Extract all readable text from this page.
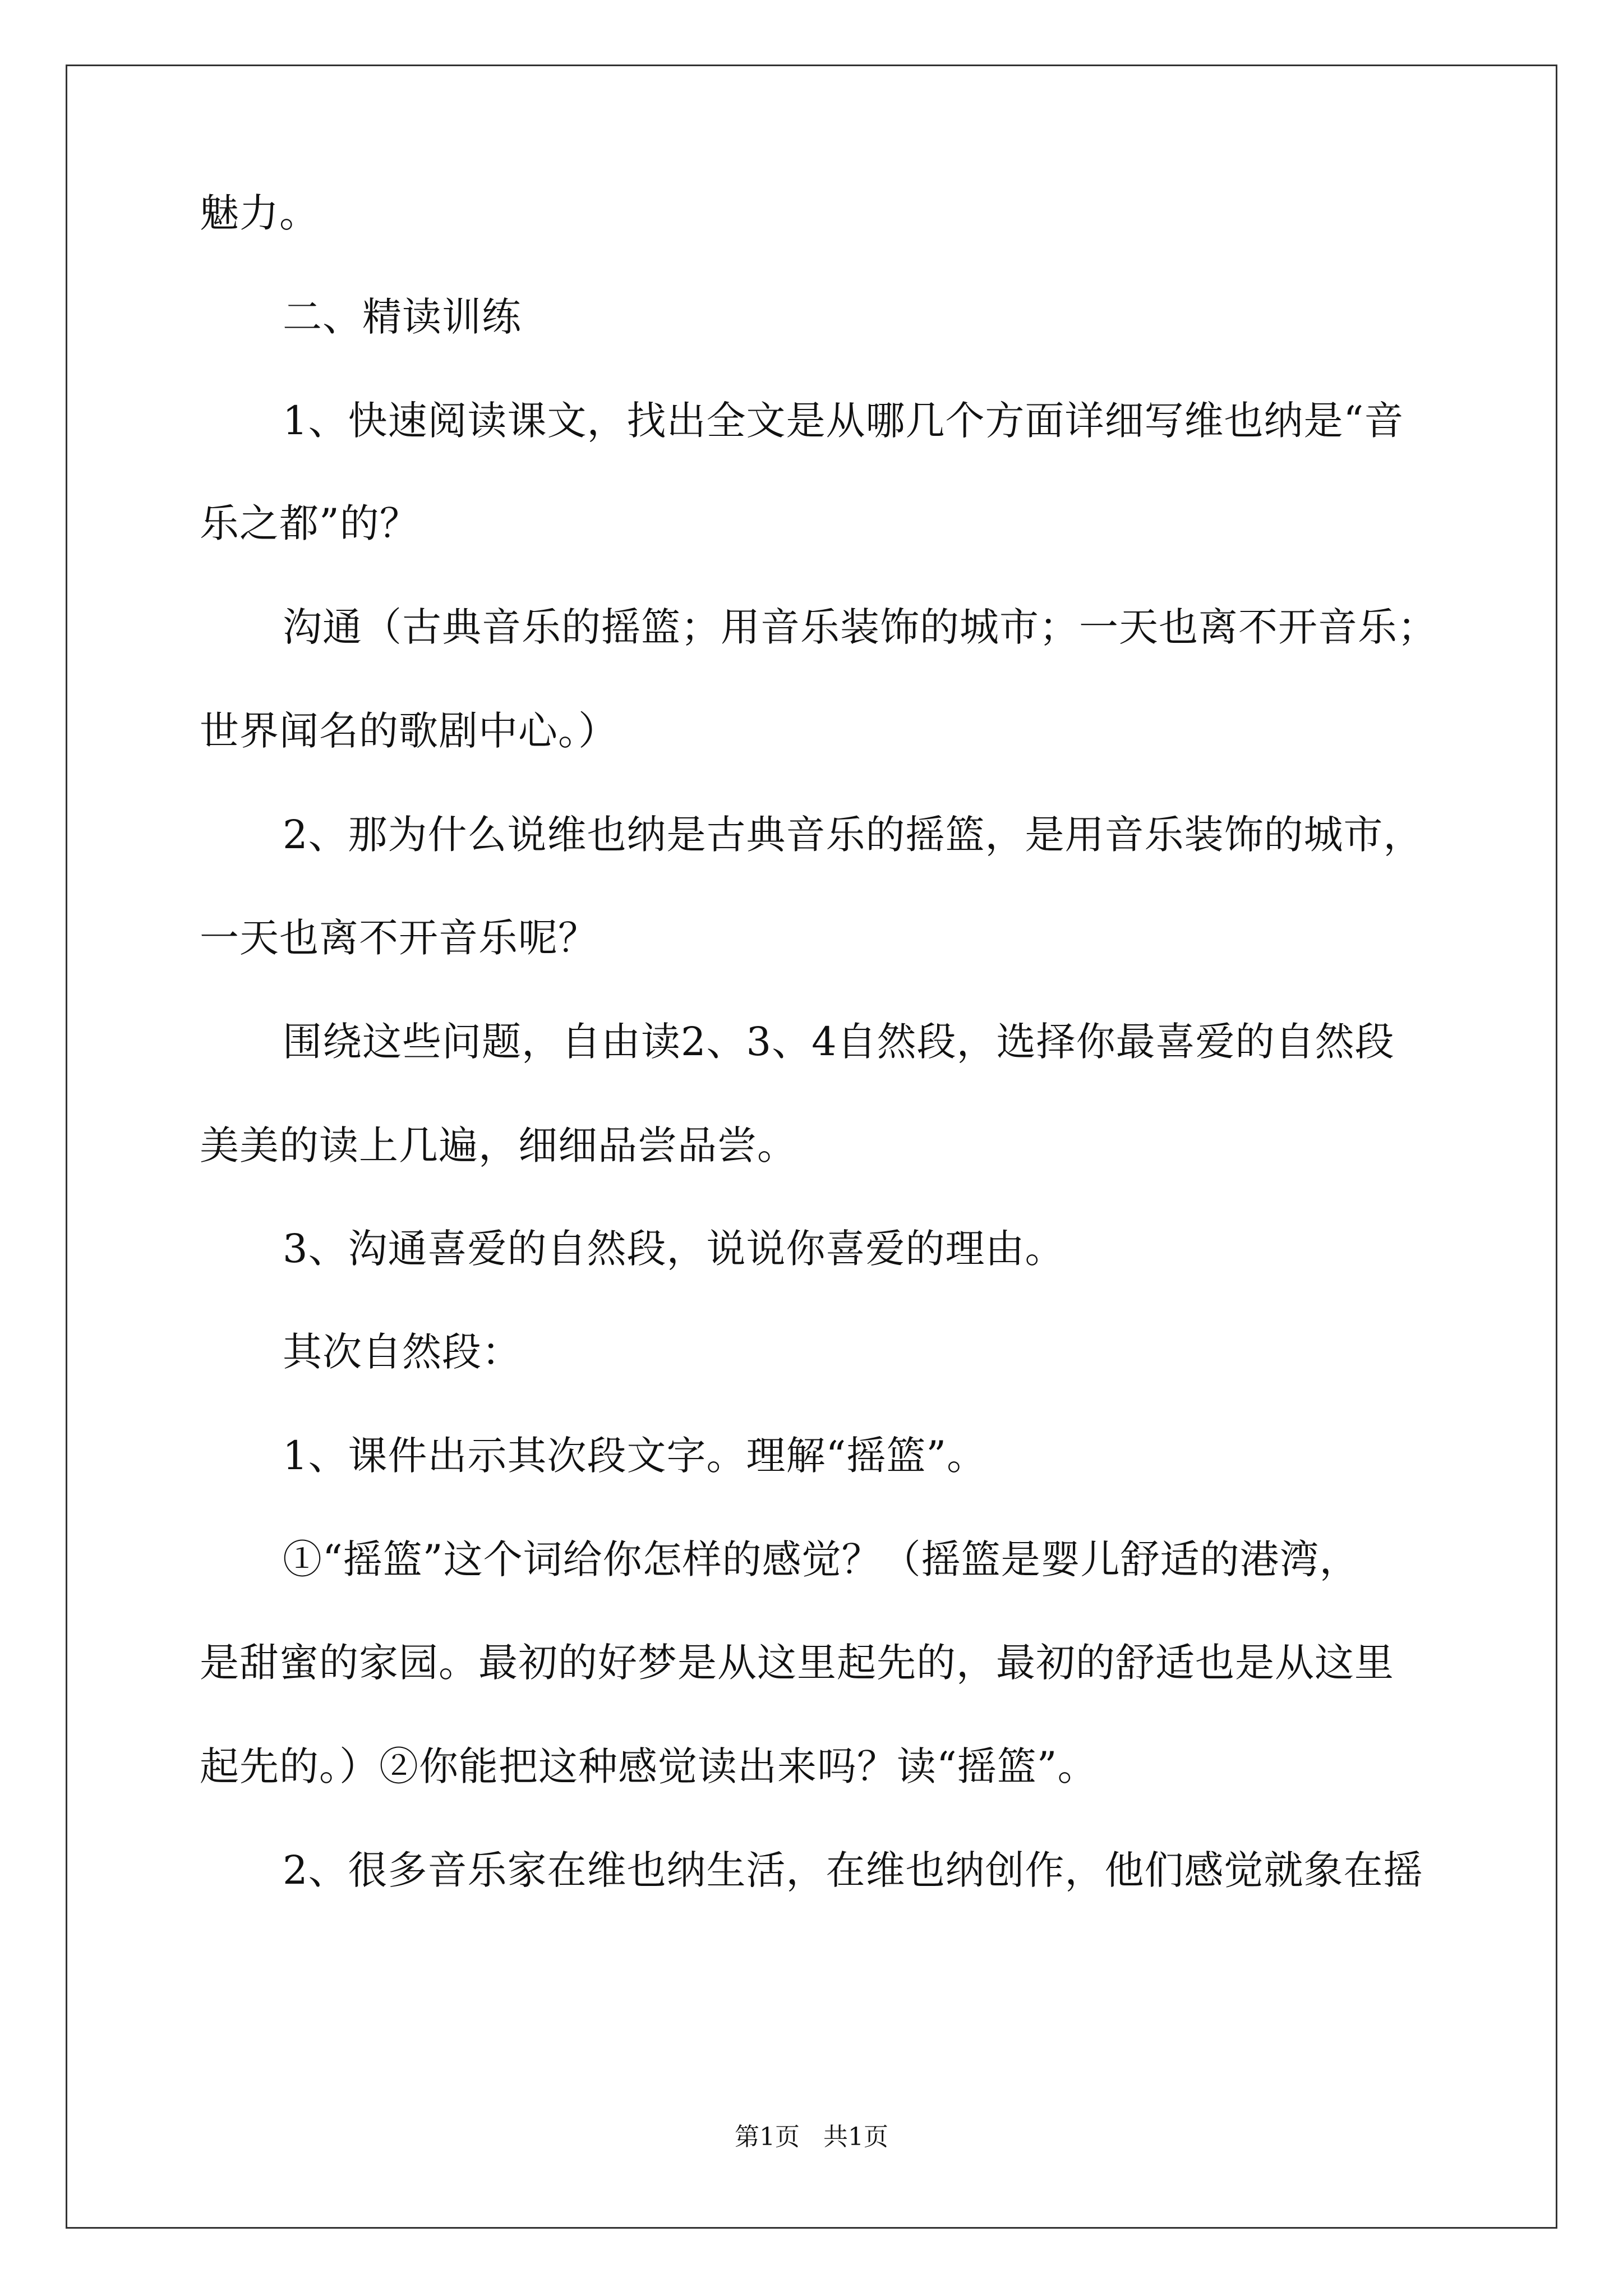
魅力。

二、精读训练

1、快速阅读课文，找出全文是从哪几个方面详细写维也纳是“音

乐之都”的？

沟通（古典音乐的摇篮；用音乐装饰的城市；一天也离不开音乐；

世界闻名的歌剧中心。）

2、那为什么说维也纳是古典音乐的摇篮，是用音乐装饰的城市，

一天也离不开音乐呢？

围绕这些问题，自由读2、3、4自然段，选择你最喜爱的自然段

美美的读上几遍，细细品尝品尝。

3、沟通喜爱的自然段，说说你喜爱的理由。

其次自然段：

1、课件出示其次段文字。理解“摇篮”。

①“摇篮”这个词给你怎样的感觉？（摇篮是婴儿舒适的港湾，

是甜蜜的家园。最初的好梦是从这里起先的，最初的舒适也是从这里

起先的。）②你能把这种感觉读出来吗？读“摇篮”。

2、很多音乐家在维也纳生活，在维也纳创作，他们感觉就象在摇

第1页   共1页
